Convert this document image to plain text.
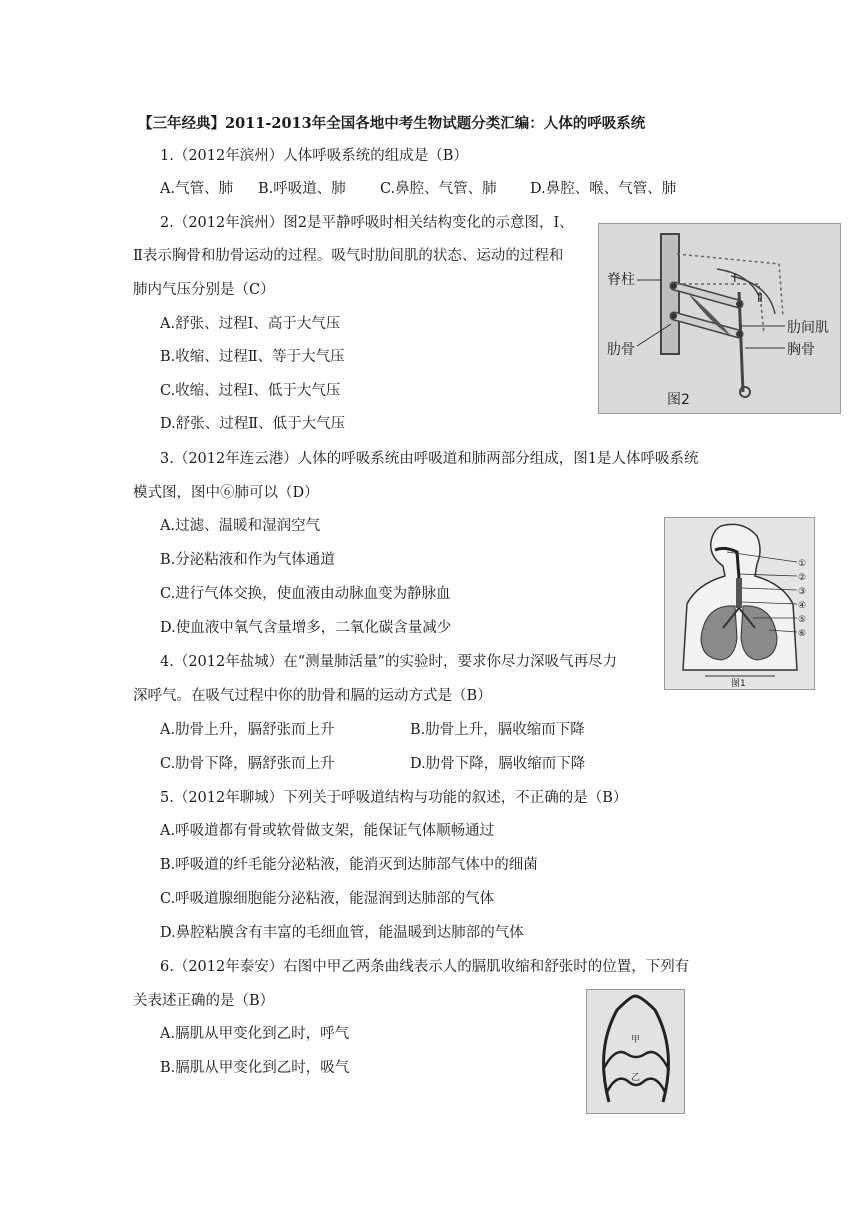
【三年经典】2011-2013年全国各地中考生物试题分类汇编：人体的呼吸系统
1.（2012年滨州）人体呼吸系统的组成是（B）
A.气管、肺 B.呼吸道、肺 C.鼻腔、气管、肺 D.鼻腔、喉、气管、肺
2.（2012年滨州）图2是平静呼吸时相关结构变化的示意图，Ⅰ、
Ⅱ表示胸骨和肋骨运动的过程。吸气时肋间肌的状态、运动的过程和
肺内气压分别是（C）
A.舒张、过程Ⅰ、高于大气压
B.收缩、过程Ⅱ、等于大气压
C.收缩、过程Ⅰ、低于大气压
D.舒张、过程Ⅱ、低于大气压
脊柱
肋间肌
肋骨	胸骨
Ⅰ
Ⅱ
图2
3.（2012年连云港）人体的呼吸系统由呼吸道和肺两部分组成，图1是人体呼吸系统
模式图，图中⑥肺可以（D）
A.过滤、温暖和湿润空气
B.分泌粘液和作为气体通道
C.进行气体交换，使血液由动脉血变为静脉血
D.使血液中氧气含量增多，二氧化碳含量减少
①
②
③
④
⑤
⑥
图1
4.（2012年盐城）在“测量肺活量”的实验时，要求你尽力深吸气再尽力
深呼气。在吸气过程中你的肋骨和膈的运动方式是（B）
A.肋骨上升，膈舒张而上升	B.肋骨上升，膈收缩而下降
C.肋骨下降，膈舒张而上升	D.肋骨下降，膈收缩而下降
5.（2012年聊城）下列关于呼吸道结构与功能的叙述，不正确的是（B）
A.呼吸道都有骨或软骨做支架，能保证气体顺畅通过
B.呼吸道的纤毛能分泌粘液，能消灭到达肺部气体中的细菌
C.呼吸道腺细胞能分泌粘液，能湿润到达肺部的气体
D.鼻腔粘膜含有丰富的毛细血管，能温暖到达肺部的气体
6.（2012年泰安）右图中甲乙两条曲线表示人的膈肌收缩和舒张时的位置，下列有
关表述正确的是（B）
A.膈肌从甲变化到乙时，呼气
B.膈肌从甲变化到乙时，吸气
甲
乙
